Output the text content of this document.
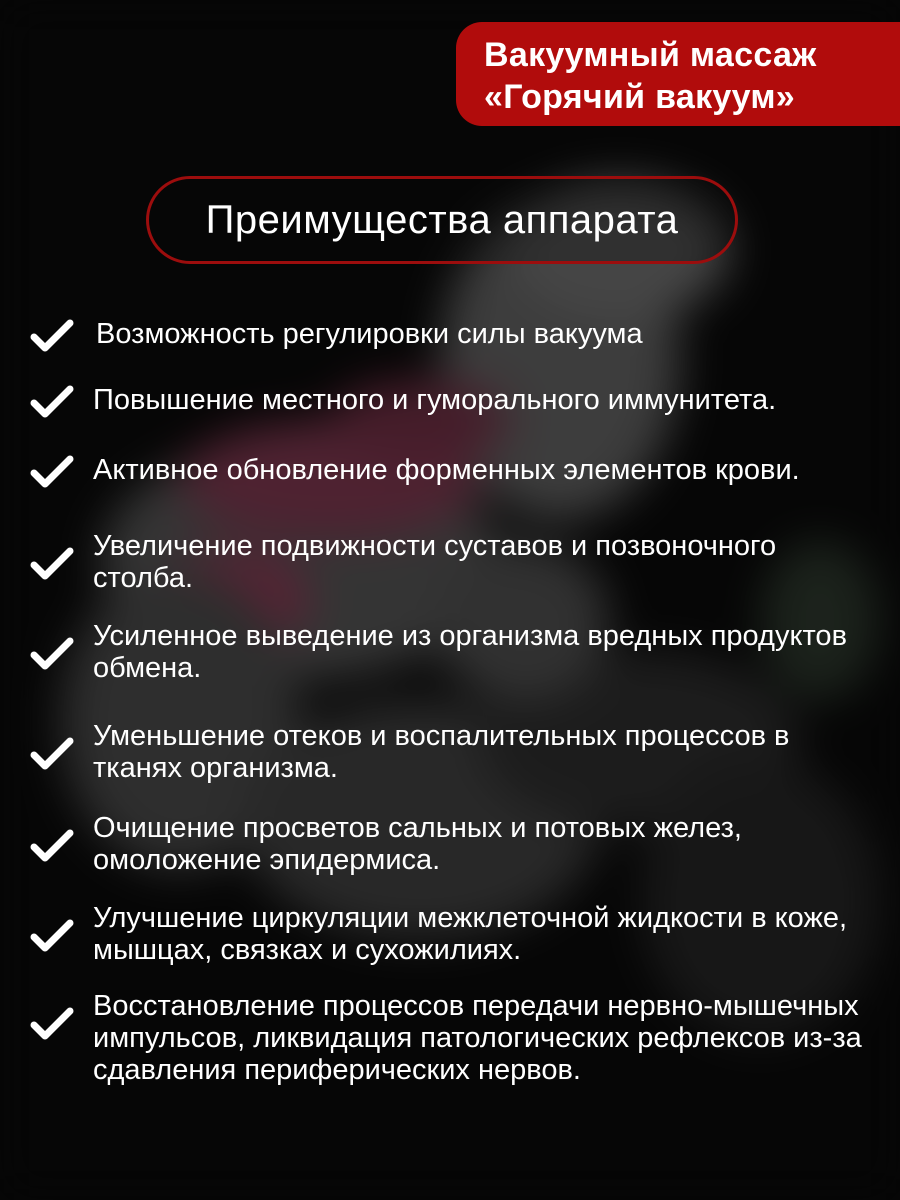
Вакуумный массаж
«Горячий вакуум»
Преимущества аппарата

Возможность регулировки силы вакуума

Повышение местного и гуморального иммунитета.

Активное обновление форменных элементов крови.

Увеличение подвижности суставов и позвоночного столба.

Усиленное выведение из организма вредных продуктов обмена.

Уменьшение отеков и воспалительных процессов в тканях организма.

Очищение просветов сальных и потовых желез, омоложение эпидермиса.

Улучшение циркуляции межклеточной жидкости в коже, мышцах, связках и сухожилиях.

Восстановление процессов передачи нервно-мышечных импульсов, ликвидация патологических рефлексов из-за сдавления периферических нервов.
